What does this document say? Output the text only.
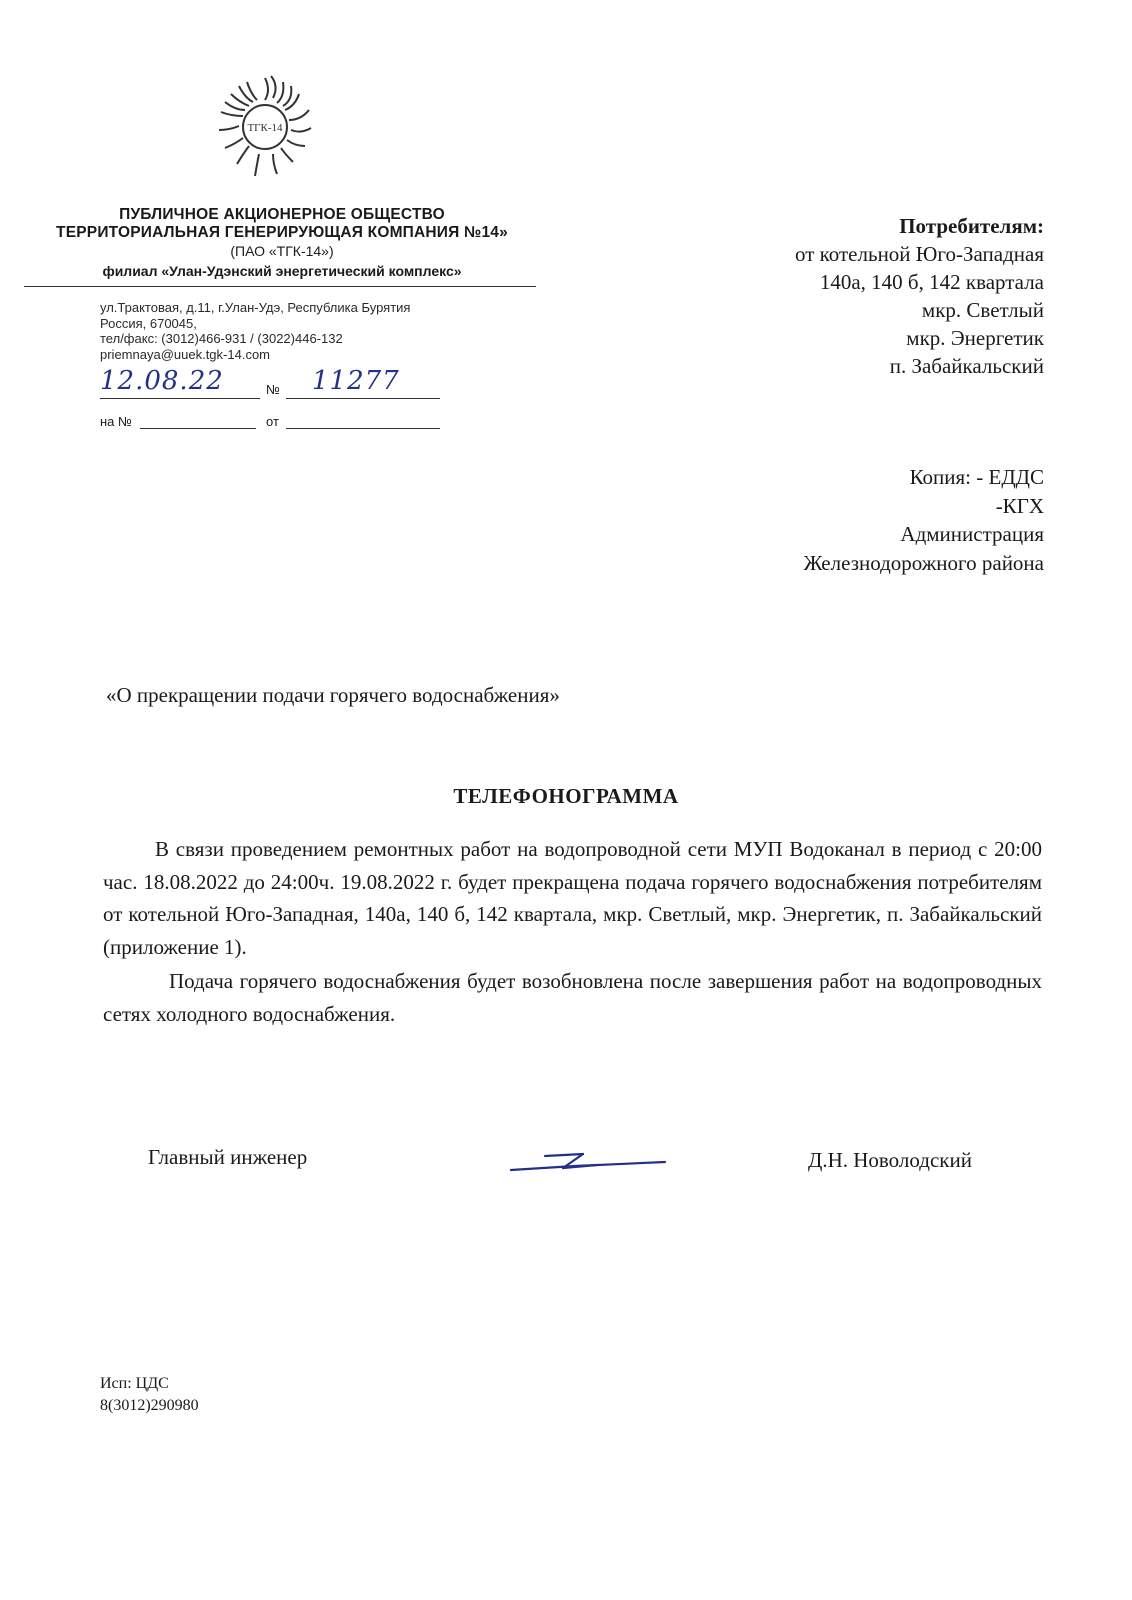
ТГК-14
ПУБЛИЧНОЕ АКЦИОНЕРНОЕ ОБЩЕСТВО
ТЕРРИТОРИАЛЬНАЯ ГЕНЕРИРУЮЩАЯ КОМПАНИЯ №14»
(ПАО «ТГК-14»)
филиал «Улан-Удэнский энергетический комплекс»
ул.Трактовая, д.11, г.Улан-Удэ, Республика Бурятия
Россия, 670045,
тел/факс: (3012)466-931 / (3022)446-132
priemnaya@uuek.tgk-14.com
12.08.22	№ 11277
на №	от
Потребителям:
от котельной Юго-Западная
140а, 140 б, 142 квартала
мкр. Светлый
мкр. Энергетик
п. Забайкальский
Копия: - ЕДДС
-КГХ
Администрация
Железнодорожного района
«О прекращении подачи горячего водоснабжения»
ТЕЛЕФОНОГРАММА

В связи проведением ремонтных работ на водопроводной сети МУП Водоканал в период с 20:00 час. 18.08.2022 до 24:00ч. 19.08.2022 г. будет прекращена подача горячего водоснабжения потребителям от котельной Юго-Западная, 140а, 140 б, 142 квартала, мкр. Светлый, мкр. Энергетик, п. Забайкальский (приложение 1).

Подача горячего водоснабжения будет возобновлена после завершения работ на водопроводных сетях холодного водоснабжения.

Главный инженер	Д.Н. Новолодский
Исп: ЦДС
8(3012)290980
